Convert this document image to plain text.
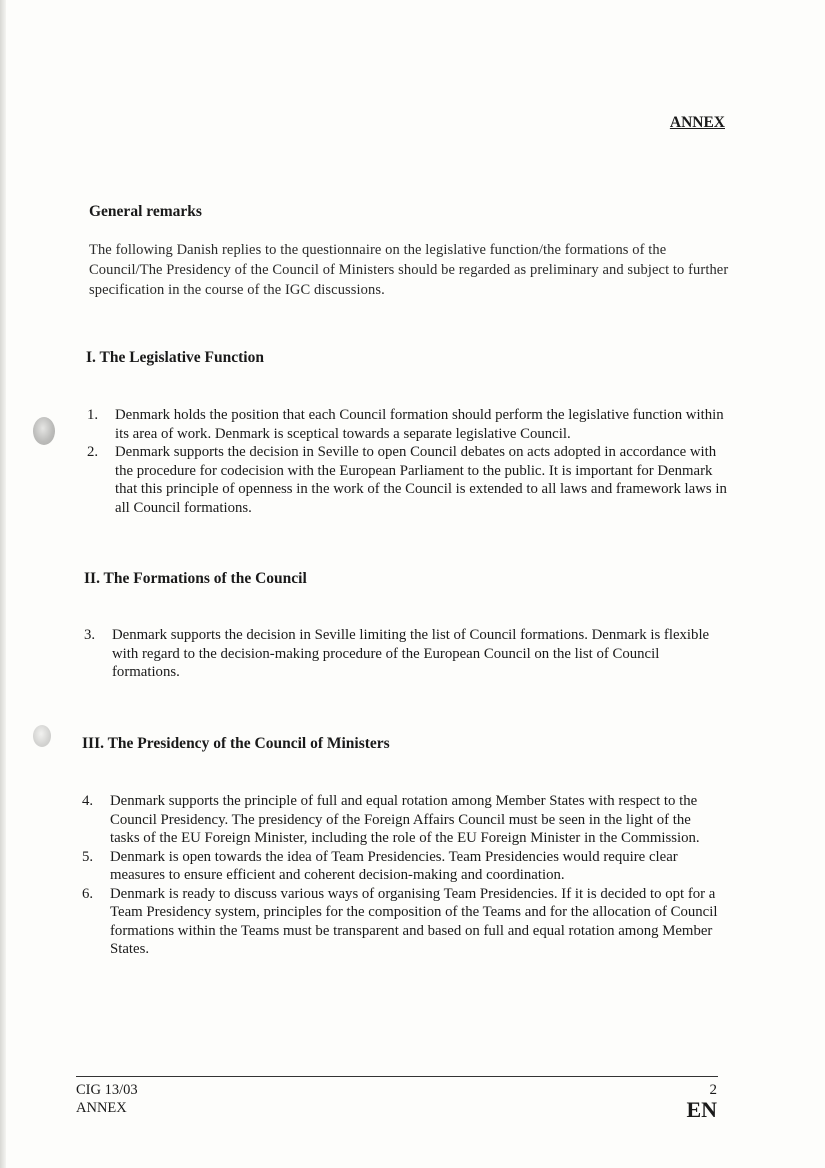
ANNEX
General remarks

The following Danish replies to the questionnaire on the legislative function/the formations of the Council/The Presidency of the Council of Ministers should be regarded as preliminary and subject to further specification in the course of the IGC discussions.

I. The Legislative Function
1. Denmark holds the position that each Council formation should perform the legislative function within its area of work. Denmark is sceptical towards a separate legislative Council.
2. Denmark supports the decision in Seville to open Council debates on acts adopted in accordance with the procedure for codecision with the European Parliament to the public. It is important for Denmark that this principle of openness in the work of the Council is extended to all laws and framework laws in all Council formations.
II. The Formations of the Council
3. Denmark supports the decision in Seville limiting the list of Council formations. Denmark is flexible with regard to the decision-making procedure of the European Council on the list of Council formations.
III. The Presidency of the Council of Ministers
4. Denmark supports the principle of full and equal rotation among Member States with respect to the Council Presidency. The presidency of the Foreign Affairs Council must be seen in the light of the tasks of the EU Foreign Minister, including the role of the EU Foreign Minister in the Commission.
5. Denmark is open towards the idea of Team Presidencies. Team Presidencies would require clear measures to ensure efficient and coherent decision-making and coordination.
6. Denmark is ready to discuss various ways of organising Team Presidencies. If it is decided to opt for a Team Presidency system, principles for the composition of the Teams and for the allocation of Council formations within the Teams must be transparent and based on full and equal rotation among Member States.
CIG 13/03
ANNEX
2
EN
